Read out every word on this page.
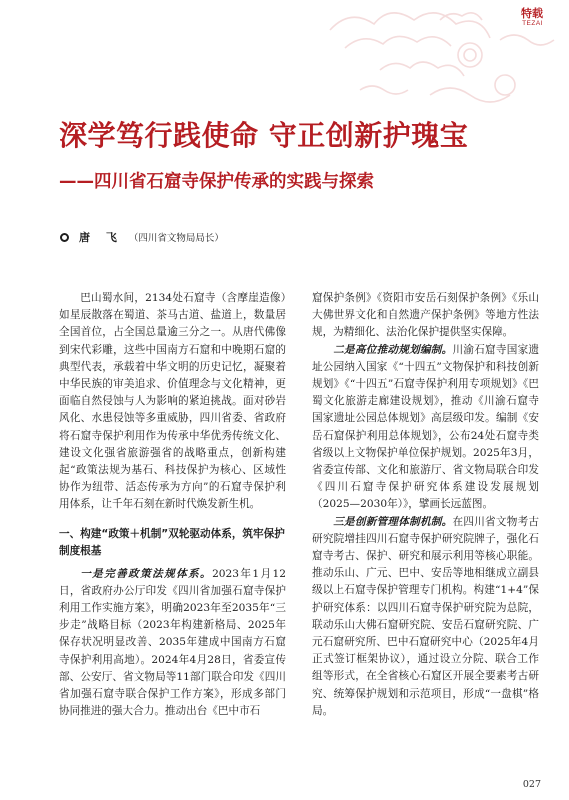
特载
TEZAI
深学笃行践使命 守正创新护瑰宝
——四川省石窟寺保护传承的实践与探索
唐 飞 （四川省文物局局长）

巴山蜀水间，2134处石窟寺（含摩崖造像）如星辰散落在蜀道、茶马古道、盐道上，数量居全国首位，占全国总量逾三分之一。从唐代佛像到宋代彩雕，这些中国南方石窟和中晚期石窟的典型代表，承载着中华文明的历史记忆，凝聚着中华民族的审美追求、价值理念与文化精神，更面临自然侵蚀与人为影响的紧迫挑战。面对砂岩风化、水患侵蚀等多重威胁，四川省委、省政府将石窟寺保护利用作为传承中华优秀传统文化、建设文化强省旅游强省的战略重点，创新构建起“政策法规为基石、科技保护为核心、区域性协作为纽带、活态传承为方向”的石窟寺保护利用体系，让千年石刻在新时代焕发新生机。

一、构建“政策＋机制”双轮驱动体系，筑牢保护制度根基

一是完善政策法规体系。2023年1月12日，省政府办公厅印发《四川省加强石窟寺保护利用工作实施方案》，明确2023年至2035年“三步走”战略目标（2023年构建新格局、2025年保存状况明显改善、2035年建成中国南方石窟寺保护利用高地）。2024年4月28日，省委宣传部、公安厅、省文物局等11部门联合印发《四川省加强石窟寺联合保护工作方案》，形成多部门协同推进的强大合力。推动出台《巴中市石

窟保护条例》《资阳市安岳石刻保护条例》《乐山大佛世界文化和自然遗产保护条例》等地方性法规，为精细化、法治化保护提供坚实保障。

二是高位推动规划编制。川渝石窟寺国家遗址公园纳入国家《“十四五”文物保护和科技创新规划》《“十四五”石窟寺保护利用专项规划》《巴蜀文化旅游走廊建设规划》，推动《川渝石窟寺国家遗址公园总体规划》高层级印发。编制《安岳石窟保护利用总体规划》，公布24处石窟寺类省级以上文物保护单位保护规划。2025年3月，省委宣传部、文化和旅游厅、省文物局联合印发《四川石窟寺保护研究体系建设发展规划（2025—2030年）》，擘画长远蓝图。

三是创新管理体制机制。在四川省文物考古研究院增挂四川石窟寺保护研究院牌子，强化石窟寺考古、保护、研究和展示利用等核心职能。推动乐山、广元、巴中、安岳等地相继成立副县级以上石窟寺保护管理专门机构。构建“1+4”保护研究体系：以四川石窟寺保护研究院为总院，联动乐山大佛石窟研究院、安岳石窟研究院、广元石窟研究所、巴中石窟研究中心（2025年4月正式签订框架协议），通过设立分院、联合工作组等形式，在全省核心石窟区开展全要素考古研究、统筹保护规划和示范项目，形成“一盘棋”格局。

027
